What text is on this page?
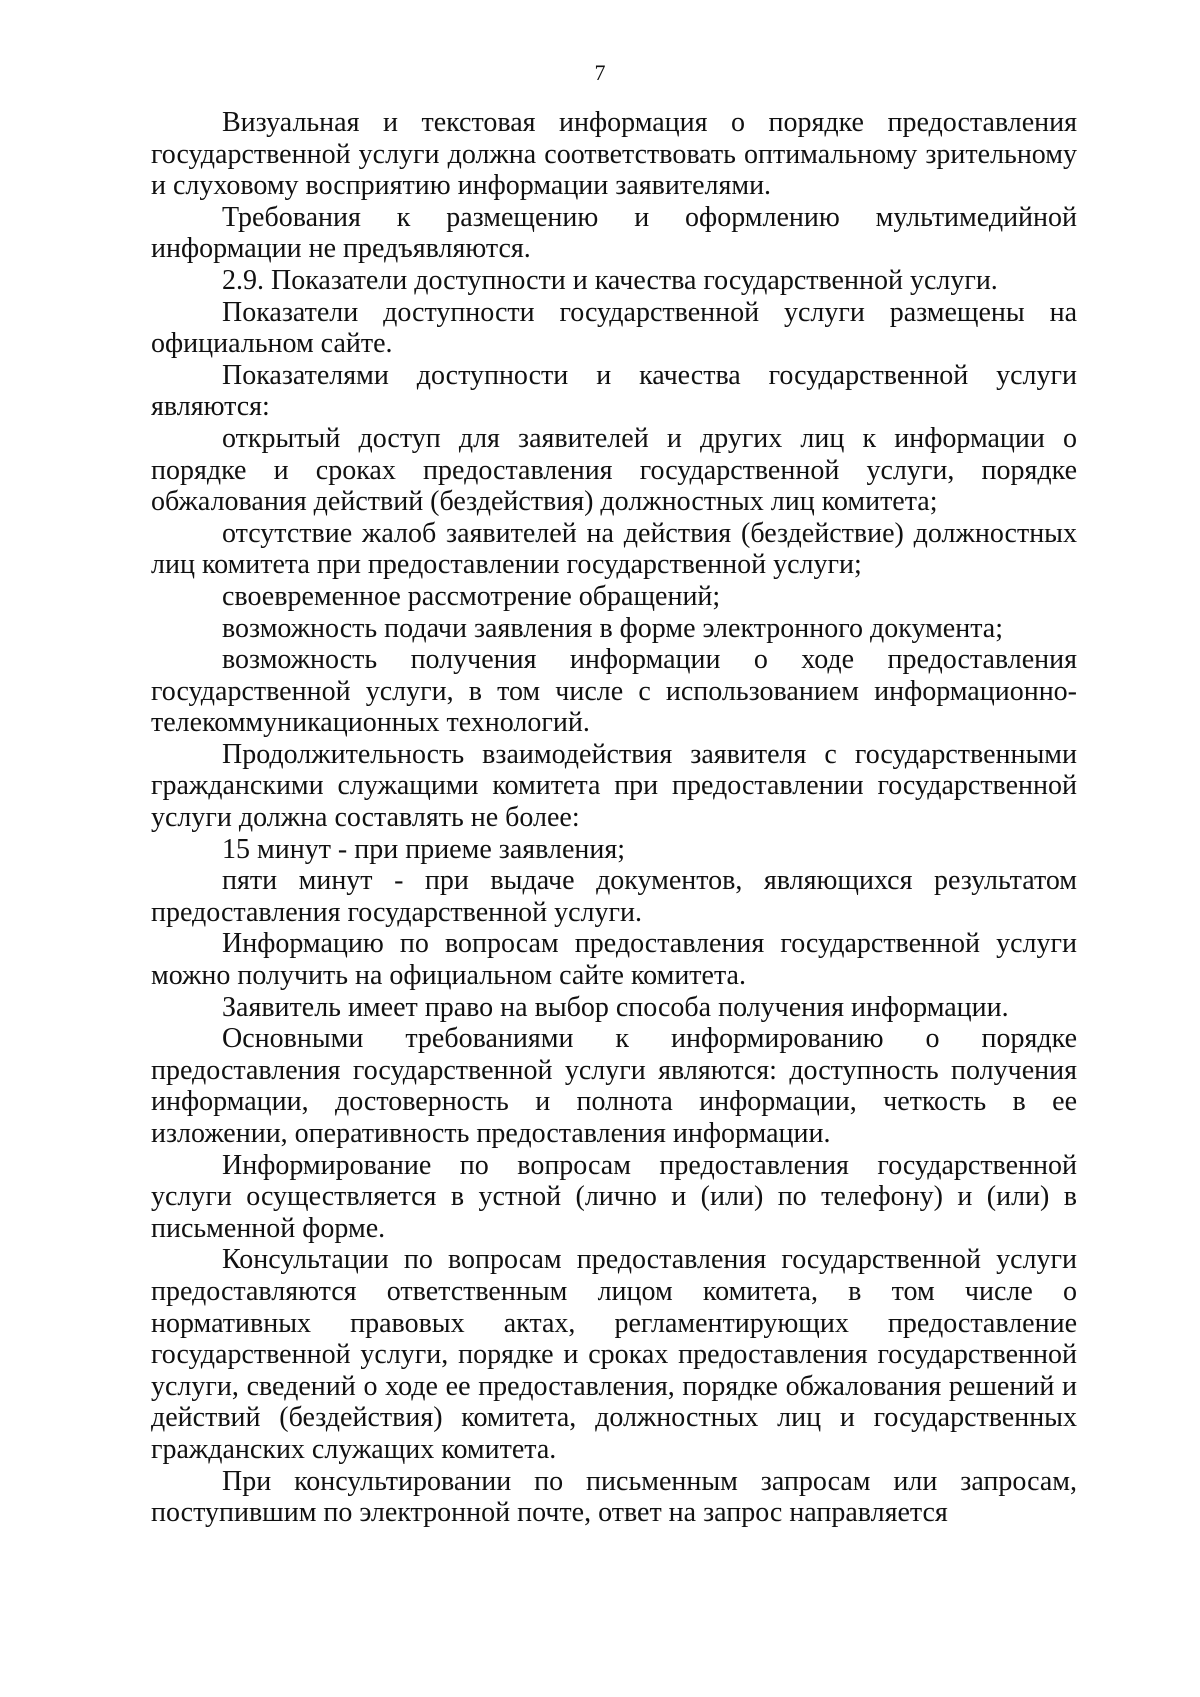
7

Визуальная и текстовая информация о порядке предоставления государственной услуги должна соответствовать оптимальному зрительному и слуховому восприятию информации заявителями.

Требования к размещению и оформлению мультимедийной информации не предъявляются.

2.9. Показатели доступности и качества государственной услуги.

Показатели доступности государственной услуги размещены на официальном сайте.

Показателями доступности и качества государственной услуги являются:

открытый доступ для заявителей и других лиц к информации о порядке и сроках предоставления государственной услуги, порядке обжалования действий (бездействия) должностных лиц комитета;

отсутствие жалоб заявителей на действия (бездействие) должностных лиц комитета при предоставлении государственной услуги;

своевременное рассмотрение обращений;

возможность подачи заявления в форме электронного документа;

возможность получения информации о ходе предоставления государственной услуги, в том числе с использованием информационно-телекоммуникационных технологий.

Продолжительность взаимодействия заявителя с государственными гражданскими служащими комитета при предоставлении государственной услуги должна составлять не более:

15 минут - при приеме заявления;

пяти минут - при выдаче документов, являющихся результатом предоставления государственной услуги.

Информацию по вопросам предоставления государственной услуги можно получить на официальном сайте комитета.

Заявитель имеет право на выбор способа получения информации.

Основными требованиями к информированию о порядке предоставления государственной услуги являются: доступность получения информации, достоверность и полнота информации, четкость в ее изложении, оперативность предоставления информации.

Информирование по вопросам предоставления государственной услуги осуществляется в устной (лично и (или) по телефону) и (или) в письменной форме.

Консультации по вопросам предоставления государственной услуги предоставляются ответственным лицом комитета, в том числе о нормативных правовых актах, регламентирующих предоставление государственной услуги, порядке и сроках предоставления государственной услуги, сведений о ходе ее предоставления, порядке обжалования решений и действий (бездействия) комитета, должностных лиц и государственных гражданских служащих комитета.

При консультировании по письменным запросам или запросам, поступившим по электронной почте, ответ на запрос направляется
